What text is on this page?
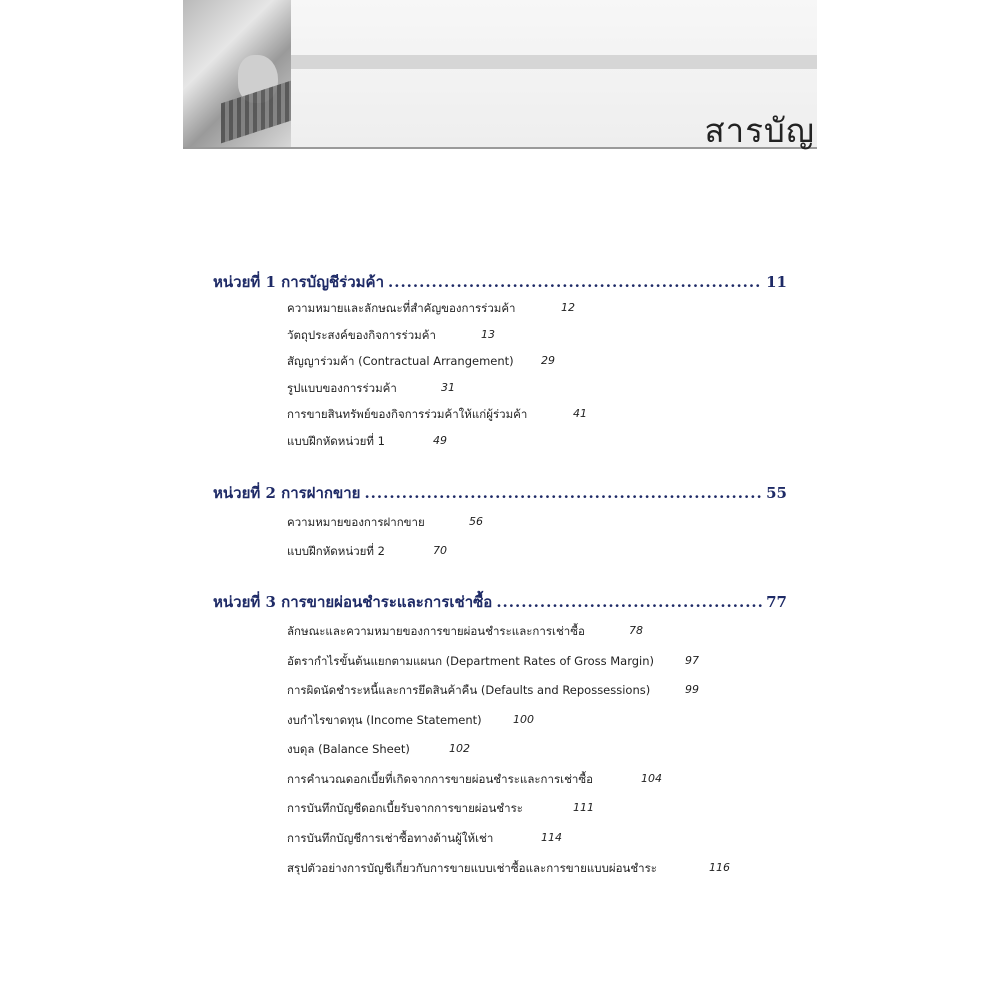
สารบัญ
หน่วยที่ 1 การบัญชีร่วมค้า .....	11
ความหมายและลักษณะที่สำคัญของการร่วมค้า	12
วัตถุประสงค์ของกิจการร่วมค้า	13
สัญญาร่วมค้า (Contractual Arrangement) 29
รูปแบบของการร่วมค้า	31
การขายสินทรัพย์ของกิจการร่วมค้าให้แก่ผู้ร่วมค้า	41
แบบฝึกหัดหน่วยที่ 1	49
หน่วยที่ 2 การฝากขาย .....	55
ความหมายของการฝากขาย	56
แบบฝึกหัดหน่วยที่ 2	70
หน่วยที่ 3 การขายผ่อนชำระและการเช่าซื้อ .....	77
ลักษณะและความหมายของการขายผ่อนชำระและการเช่าซื้อ	78
อัตรากำไรขั้นต้นแยกตามแผนก (Department Rates of Gross Margin)	97
การผิดนัดชำระหนี้และการยึดสินค้าคืน (Defaults and Repossessions)	99
งบกำไรขาดทุน (Income Statement)	100
งบดุล (Balance Sheet)	102
การคำนวณดอกเบี้ยที่เกิดจากการขายผ่อนชำระและการเช่าซื้อ	104
การบันทึกบัญชีดอกเบี้ยรับจากการขายผ่อนชำระ	111
การบันทึกบัญชีการเช่าซื้อทางด้านผู้ให้เช่า	114
สรุปตัวอย่างการบัญชีเกี่ยวกับการขายแบบเช่าซื้อและการขายแบบผ่อนชำระ	116
